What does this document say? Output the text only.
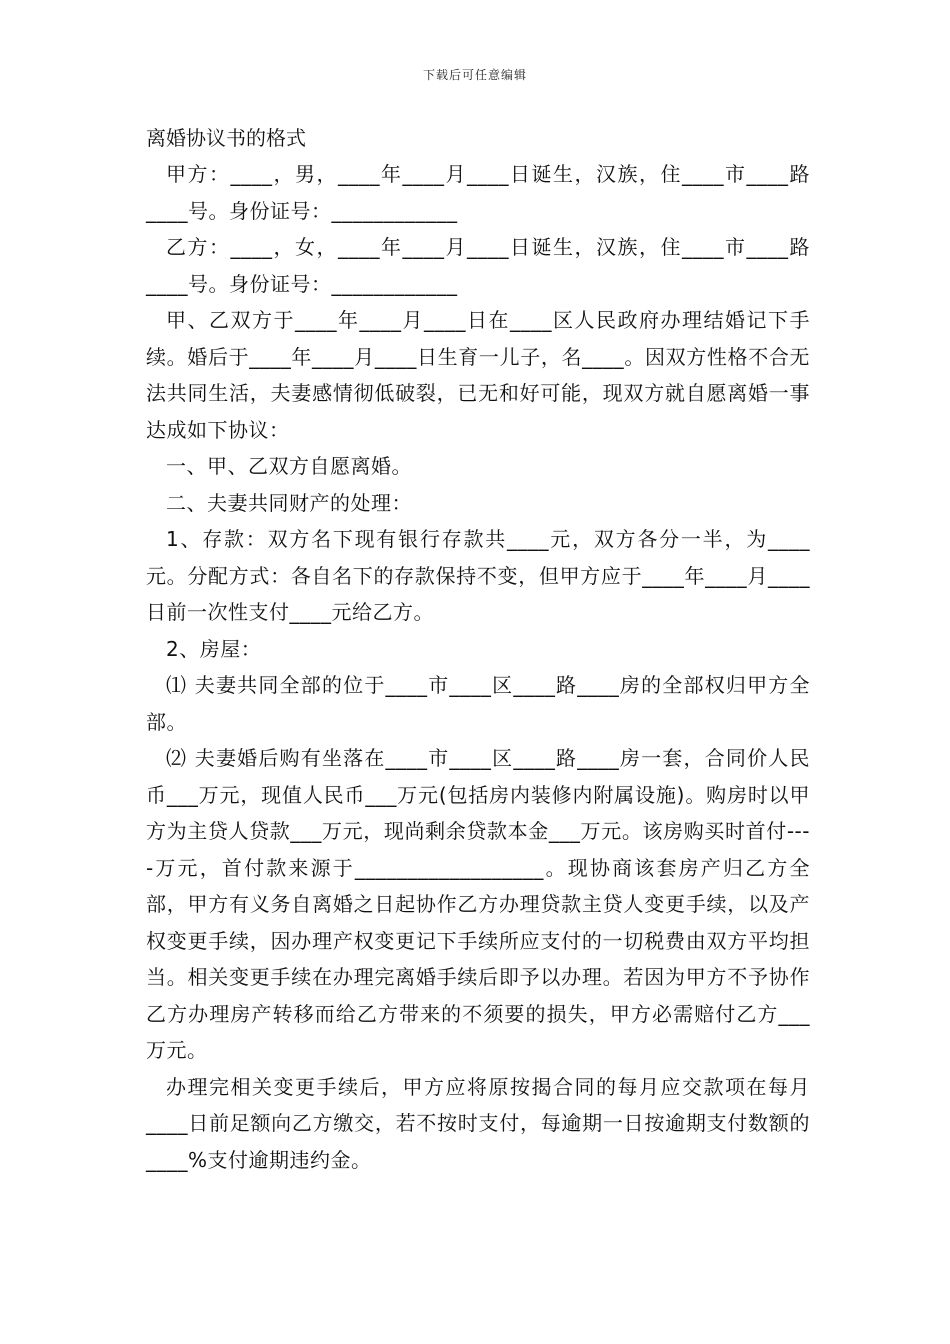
下载后可任意编辑

离婚协议书的格式

甲方：____，男，____年____月____日诞生，汉族，住____市____路____号。身份证号：____________

乙方：____，女，____年____月____日诞生，汉族，住____市____路____号。身份证号：____________

甲、乙双方于____年____月____日在____区人民政府办理结婚记下手续。婚后于____年____月____日生育一儿子，名____。因双方性格不合无法共同生活，夫妻感情彻低破裂，已无和好可能，现双方就自愿离婚一事达成如下协议：

一、甲、乙双方自愿离婚。

二、夫妻共同财产的处理：

1、存款：双方名下现有银行存款共____元，双方各分一半，为____元。分配方式：各自名下的存款保持不变，但甲方应于____年____月____日前一次性支付____元给乙方。

2、房屋：

⑴ 夫妻共同全部的位于____市____区____路____房的全部权归甲方全部。

⑵ 夫妻婚后购有坐落在____市____区____路____房一套，合同价人民币___万元，现值人民币___万元(包括房内装修内附属设施)。购房时以甲方为主贷人贷款___万元，现尚剩余贷款本金___万元。该房购买时首付----万元，首付款来源于__________________。现协商该套房产归乙方全部，甲方有义务自离婚之日起协作乙方办理贷款主贷人变更手续，以及产权变更手续，因办理产权变更记下手续所应支付的一切税费由双方平均担当。相关变更手续在办理完离婚手续后即予以办理。若因为甲方不予协作乙方办理房产转移而给乙方带来的不须要的损失，甲方必需赔付乙方___万元。

办理完相关变更手续后，甲方应将原按揭合同的每月应交款项在每月____日前足额向乙方缴交，若不按时支付，每逾期一日按逾期支付数额的____%支付逾期违约金。
